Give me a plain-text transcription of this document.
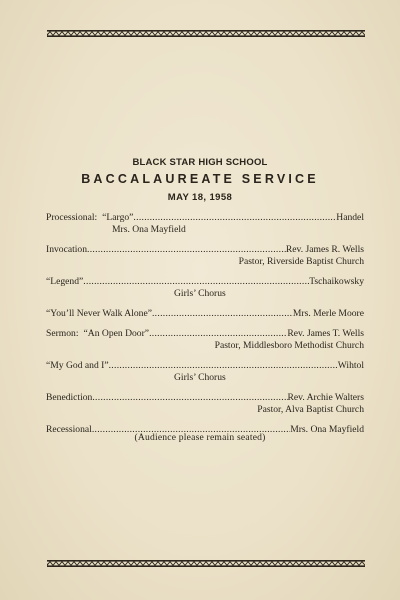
BLACK STAR HIGH SCHOOL
BACCALAUREATE SERVICE
MAY 18, 1958
Processional: “Largo” .....	Handel
Mrs. Ona Mayfield
Invocation .....	Rev. James R. Wells
Pastor, Riverside Baptist Church
“Legend” .....	Tschaikowsky
Girls’ Chorus
“You’ll Never Walk Alone” .....	Mrs. Merle Moore
Sermon: “An Open Door” .....	Rev. James T. Wells
Pastor, Middlesboro Methodist Church
“My God and I” .....	Wihtol
Girls’ Chorus
Benediction .....	Rev. Archie Walters
Pastor, Alva Baptist Church
Recessional .....	Mrs. Ona Mayfield
(Audience please remain seated)
